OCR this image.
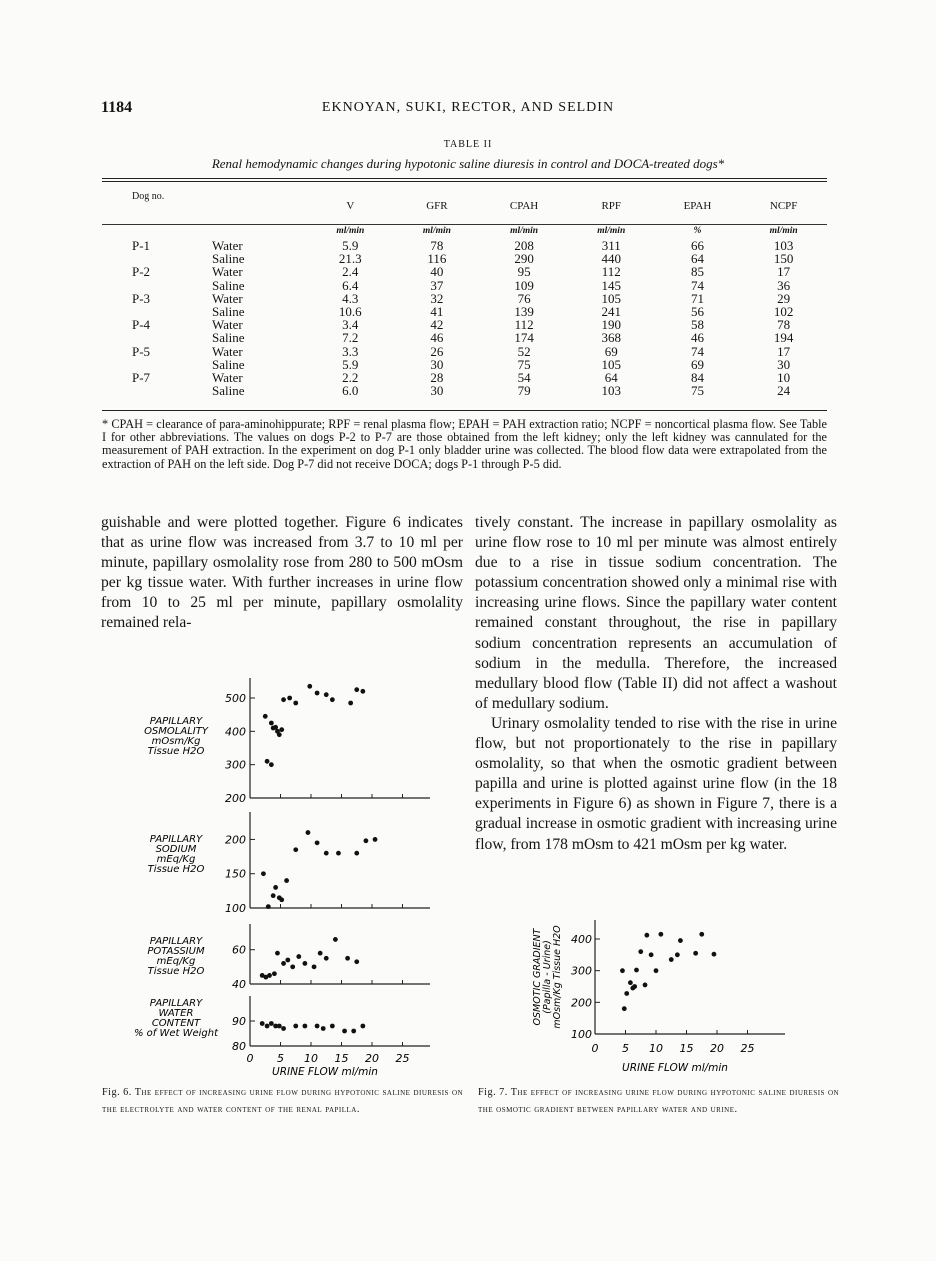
1184	EKNOYAN, SUKI, RECTOR, AND SELDIN
TABLE II
Renal hemodynamic changes during hypotonic saline diuresis in control and DOCA-treated dogs*
Dog no.		V	GFR	CPAH	RPF	EPAH	NCPF

		ml/min	ml/min	ml/min	ml/min	%	ml/min
P-1	Water	5.9	78	208	311	66	103
	Saline	21.3	116	290	440	64	150
P-2	Water	2.4	40	95	112	85	17
	Saline	6.4	37	109	145	74	36
P-3	Water	4.3	32	76	105	71	29
	Saline	10.6	41	139	241	56	102
P-4	Water	3.4	42	112	190	58	78
	Saline	7.2	46	174	368	46	194
P-5	Water	3.3	26	52	69	74	17
	Saline	5.9	30	75	105	69	30
P-7	Water	2.2	28	54	64	84	10
	Saline	6.0	30	79	103	75	24
* CPAH = clearance of para-aminohippurate; RPF = renal plasma flow; EPAH = PAH extraction ratio; NCPF = noncortical plasma flow. See Table I for other abbreviations. The values on dogs P-2 to P-7 are those obtained from the left kidney; only the left kidney was cannulated for the measurement of PAH extraction. In the experiment on dog P-1 only bladder urine was collected. The blood flow data were extrapolated from the extraction of PAH on the left side. Dog P-7 did not receive DOCA; dogs P-1 through P-5 did.

guishable and were plotted together. Figure 6 indicates that as urine flow was increased from 3.7 to 10 ml per minute, papillary osmolality rose from 280 to 500 mOsm per kg tissue water. With further increases in urine flow from 10 to 25 ml per minute, papillary osmolality remained rela-

tively constant. The increase in papillary osmolality as urine flow rose to 10 ml per minute was almost entirely due to a rise in tissue sodium concentration. The potassium concentration showed only a minimal rise with increasing urine flows. Since the papillary water content remained constant throughout, the rise in papillary sodium concentration represents an accumulation of sodium in the medulla. Therefore, the increased medullary blood flow (Table II) did not affect a washout of medullary sodium.

Urinary osmolality tended to rise with the rise in urine flow, but not proportionately to the rise in papillary osmolality, so that when the osmotic gradient between papilla and urine is plotted against urine flow (in the 18 experiments in Figure 6) as shown in Figure 7, there is a gradual increase in osmotic gradient with increasing urine flow, from 178 mOsm to 421 mOsm per kg water.

500
400
300
200
PAPILLARY
OSMOLALITY
mOsm/Kg
Tissue H2O
200
150
100
PAPILLARY
SODIUM
mEq/Kg
Tissue H2O
60
40
PAPILLARY
POTASSIUM
mEq/Kg
Tissue H2O
90
80
PAPILLARY
WATER
CONTENT
% of Wet Weight
0 5 10 15 20 25
URINE FLOW ml/min
Fig. 6. The effect of increasing urine flow during hypotonic saline diuresis on the electrolyte and water content of the renal papilla.
400
300
200
100
0 5 10 15 20 25
URINE FLOW ml/min
OSMOTIC GRADIENT (Papilla - Urine) mOsm/Kg Tissue H2O
Fig. 7. The effect of increasing urine flow during hypotonic saline diuresis on the osmotic gradient between papillary water and urine.
